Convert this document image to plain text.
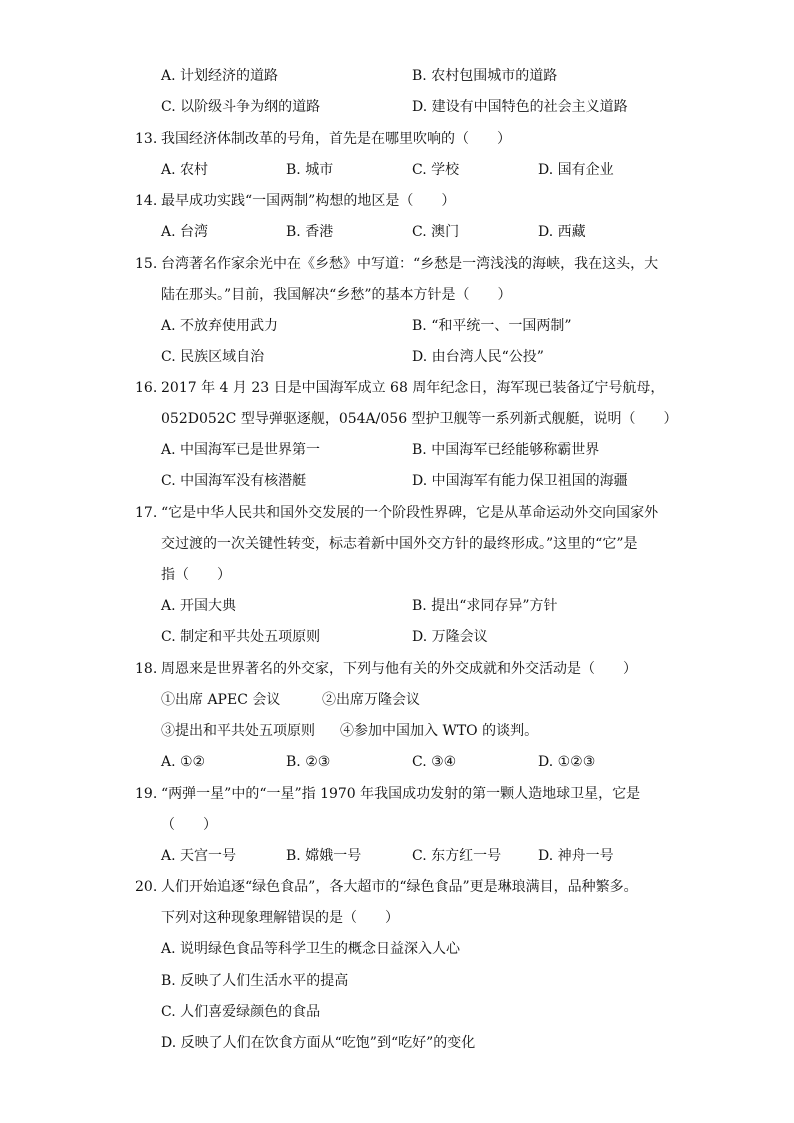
A. 计划经济的道路	B. 农村包围城市的道路
C. 以阶级斗争为纲的道路	D. 建设有中国特色的社会主义道路
13. 我国经济体制改革的号角，首先是在哪里吹响的（　　）
A. 农村	B. 城市	C. 学校	D. 国有企业
14. 最早成功实践“一国两制”构想的地区是（　　）
A. 台湾	B. 香港	C. 澳门	D. 西藏
15. 台湾著名作家余光中在《乡愁》中写道：“乡愁是一湾浅浅的海峡，我在这头，大
陆在那头。”目前，我国解决“乡愁”的基本方针是（　　）
A. 不放弃使用武力	B. “和平统一、一国两制”
C. 民族区域自治	D. 由台湾人民“公投”
16. 2017 年 4 月 23 日是中国海军成立 68 周年纪念日，海军现已装备辽宁号航母，
052D052C 型导弹驱逐舰，054A/056 型护卫舰等一系列新式舰艇，说明（　　）
A. 中国海军已是世界第一	B. 中国海军已经能够称霸世界
C. 中国海军没有核潜艇	D. 中国海军有能力保卫祖国的海疆
17. “它是中华人民共和国外交发展的一个阶段性界碑，它是从革命运动外交向国家外
交过渡的一次关键性转变，标志着新中国外交方针的最终形成。”这里的“它”是
指（　　）
A. 开国大典	B. 提出“求同存异”方针
C. 制定和平共处五项原则	D. 万隆会议
18. 周恩来是世界著名的外交家，下列与他有关的外交成就和外交活动是（　　）
①出席 APEC 会议	②出席万隆会议
③提出和平共处五项原则 ④参加中国加入 WTO 的谈判。
A. ①②	B. ②③	C. ③④	D. ①②③
19. “两弹一星”中的“一星”指 1970 年我国成功发射的第一颗人造地球卫星，它是
（　　）
A. 天宫一号	B. 嫦娥一号	C. 东方红一号	D. 神舟一号
20. 人们开始追逐“绿色食品”，各大超市的“绿色食品”更是琳琅满目，品种繁多。
下列对这种现象理解错误的是（　　）
A. 说明绿色食品等科学卫生的概念日益深入人心
B. 反映了人们生活水平的提高
C. 人们喜爱绿颜色的食品
D. 反映了人们在饮食方面从“吃饱”到“吃好”的变化
